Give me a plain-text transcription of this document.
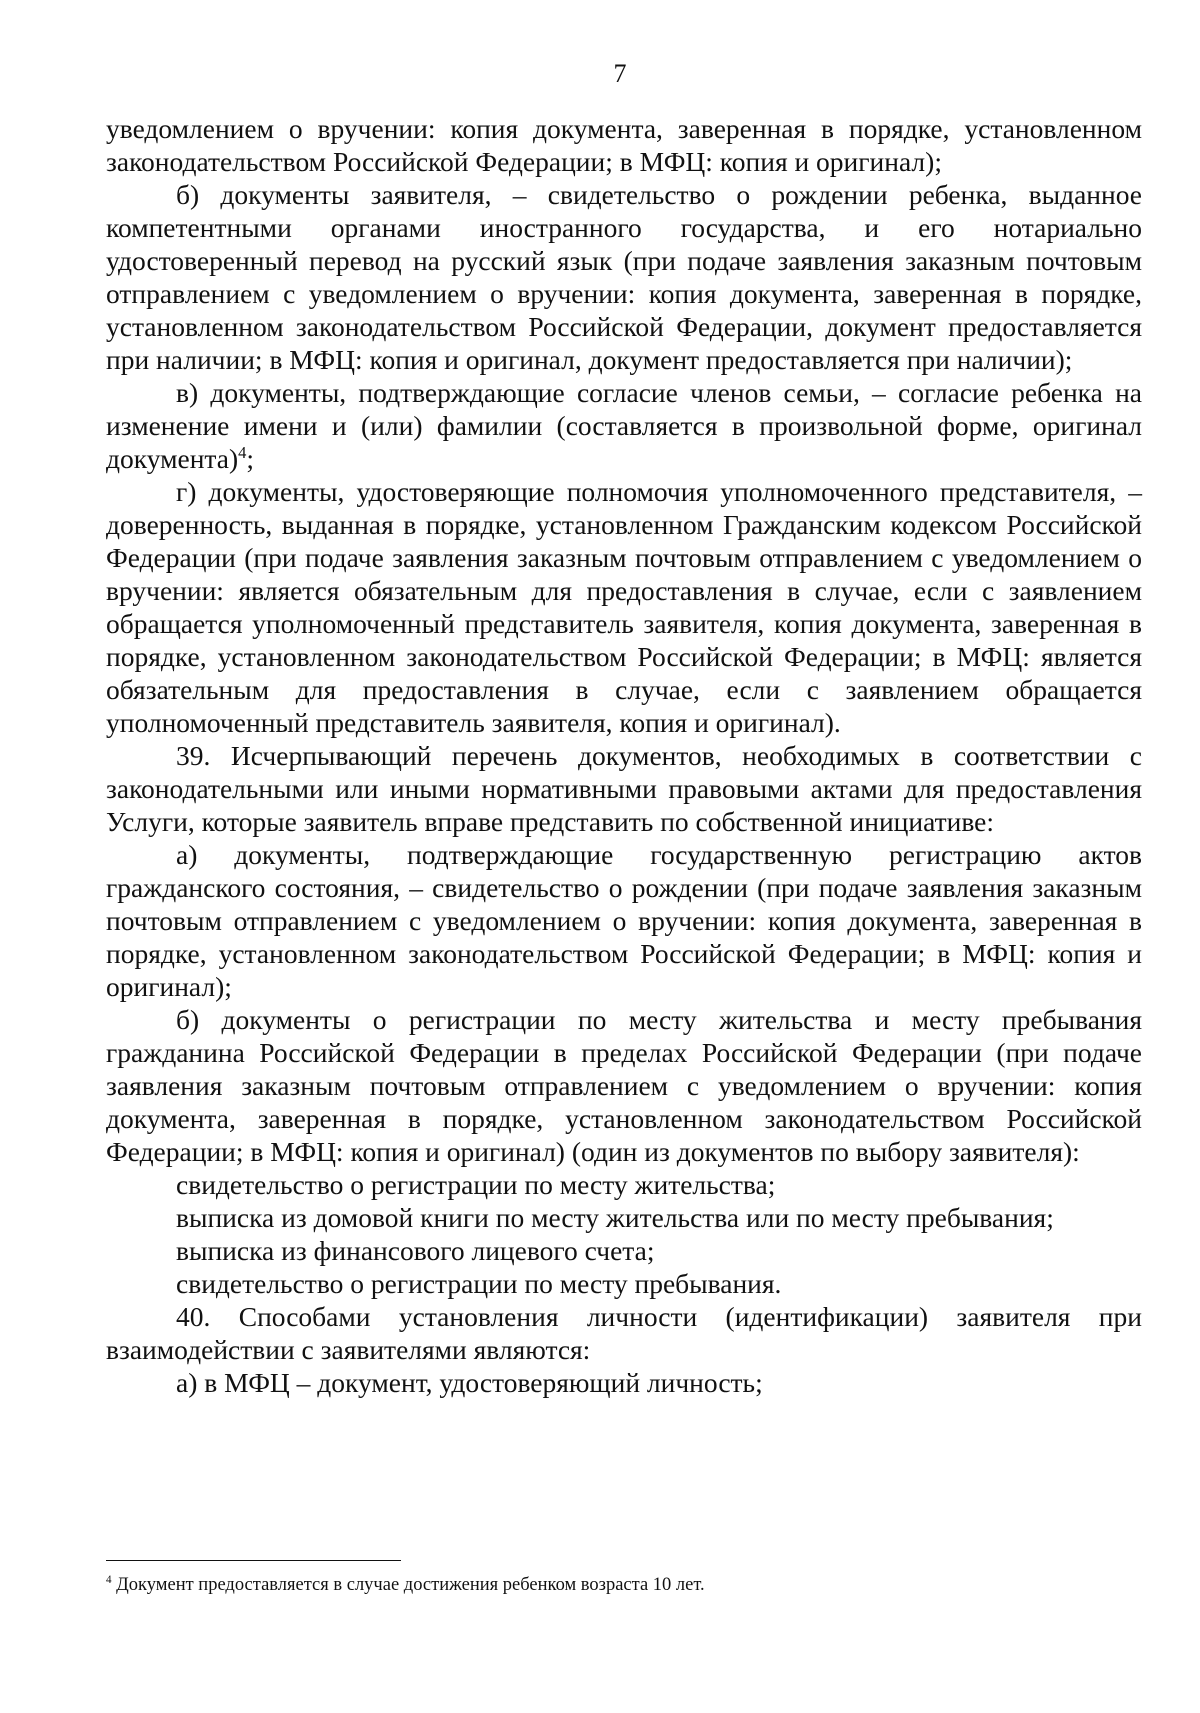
7

уведомлением о вручении: копия документа, заверенная в порядке, установленном законодательством Российской Федерации; в МФЦ: копия и оригинал);

б) документы заявителя, – свидетельство о рождении ребенка, выданное компетентными органами иностранного государства, и его нотариально удостоверенный перевод на русский язык (при подаче заявления заказным почтовым отправлением с уведомлением о вручении: копия документа, заверенная в порядке, установленном законодательством Российской Федерации, документ предоставляется при наличии; в МФЦ: копия и оригинал, документ предоставляется при наличии);

в) документы, подтверждающие согласие членов семьи, – согласие ребенка на изменение имени и (или) фамилии (составляется в произвольной форме, оригинал документа)$^4$;

г) документы, удостоверяющие полномочия уполномоченного представителя, – доверенность, выданная в порядке, установленном Гражданским кодексом Российской Федерации (при подаче заявления заказным почтовым отправлением с уведомлением о вручении: является обязательным для предоставления в случае, если с заявлением обращается уполномоченный представитель заявителя, копия документа, заверенная в порядке, установленном законодательством Российской Федерации; в МФЦ: является обязательным для предоставления в случае, если с заявлением обращается уполномоченный представитель заявителя, копия и оригинал).

39. Исчерпывающий перечень документов, необходимых в соответствии с законодательными или иными нормативными правовыми актами для предоставления Услуги, которые заявитель вправе представить по собственной инициативе:

а) документы, подтверждающие государственную регистрацию актов гражданского состояния, – свидетельство о рождении (при подаче заявления заказным почтовым отправлением с уведомлением о вручении: копия документа, заверенная в порядке, установленном законодательством Российской Федерации; в МФЦ: копия и оригинал);

б) документы о регистрации по месту жительства и месту пребывания гражданина Российской Федерации в пределах Российской Федерации (при подаче заявления заказным почтовым отправлением с уведомлением о вручении: копия документа, заверенная в порядке, установленном законодательством Российской Федерации; в МФЦ: копия и оригинал) (один из документов по выбору заявителя):

свидетельство о регистрации по месту жительства;

выписка из домовой книги по месту жительства или по месту пребывания;

выписка из финансового лицевого счета;

свидетельство о регистрации по месту пребывания.

40. Способами установления личности (идентификации) заявителя при взаимодействии с заявителями являются:

а) в МФЦ – документ, удостоверяющий личность;

$^4$ Документ предоставляется в случае достижения ребенком возраста 10 лет.
